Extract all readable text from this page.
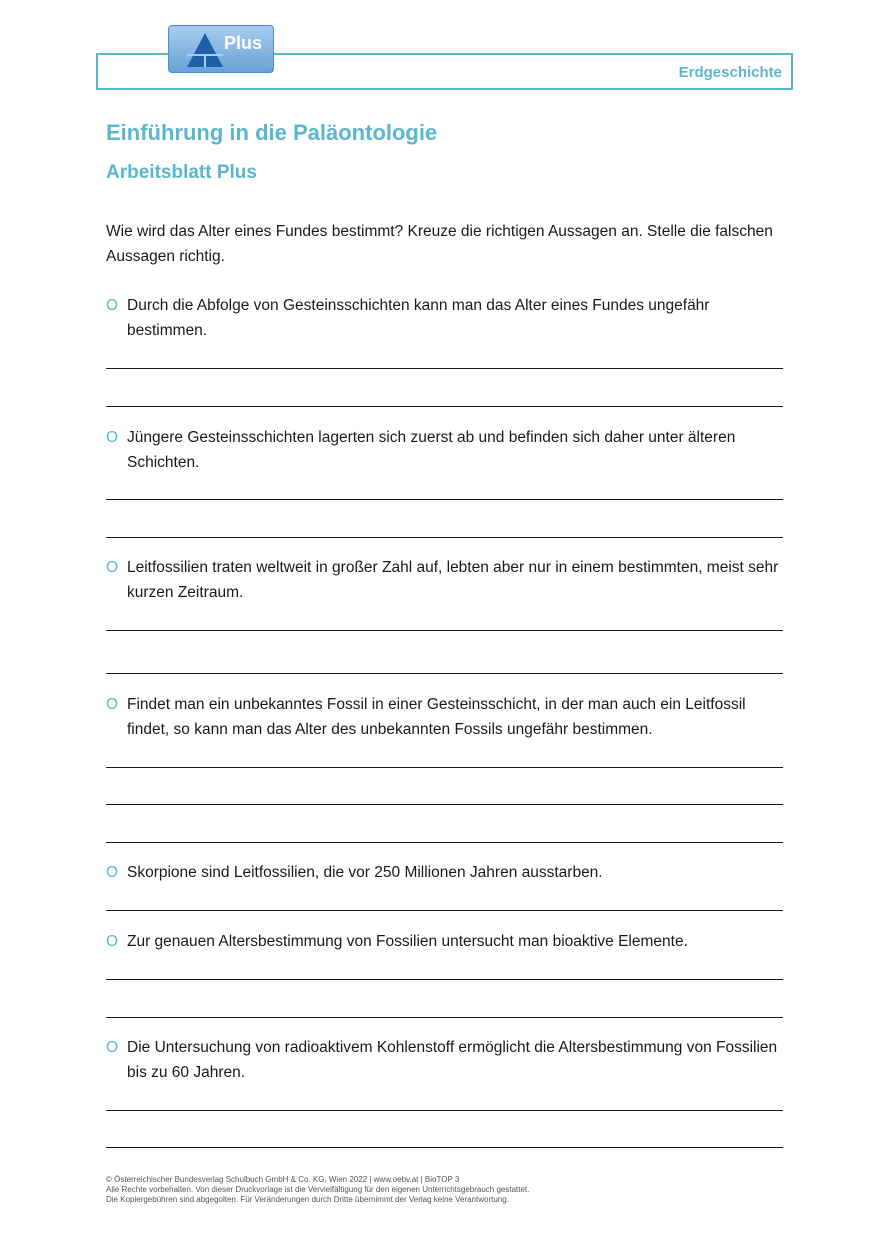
Erdgeschichte
Plus
Einführung in die Paläontologie
Arbeitsblatt Plus

Wie wird das Alter eines Fundes bestimmt? Kreuze die richtigen Aussagen an. Stelle die falschen Aussagen richtig.

O Durch die Abfolge von Gesteinsschichten kann man das Alter eines Fundes ungefähr bestimmen.
O Jüngere Gesteinsschichten lagerten sich zuerst ab und befinden sich daher unter älteren Schichten.
O Leitfossilien traten weltweit in großer Zahl auf, lebten aber nur in einem bestimmten, meist sehr kurzen Zeitraum.
O Findet man ein unbekanntes Fossil in einer Gesteinsschicht, in der man auch ein Leitfossil findet, so kann man das Alter des unbekannten Fossils ungefähr bestimmen.
O Skorpione sind Leitfossilien, die vor 250 Millionen Jahren ausstarben.
O Zur genauen Altersbestimmung von Fossilien untersucht man bioaktive Elemente.
O Die Untersuchung von radioaktivem Kohlenstoff ermöglicht die Altersbestimmung von Fossilien bis zu 60 Jahren.
© Österreichischer Bundesverlag Schulbuch GmbH & Co. KG, Wien 2022 | www.oebv.at | BioTOP 3
Alle Rechte vorbehalten. Von dieser Druckvorlage ist die Vervielfältigung für den eigenen Unterrichtsgebrauch gestattet.
Die Kopiergebühren sind abgegolten. Für Veränderungen durch Dritte übernimmt der Verlag keine Verantwortung.
